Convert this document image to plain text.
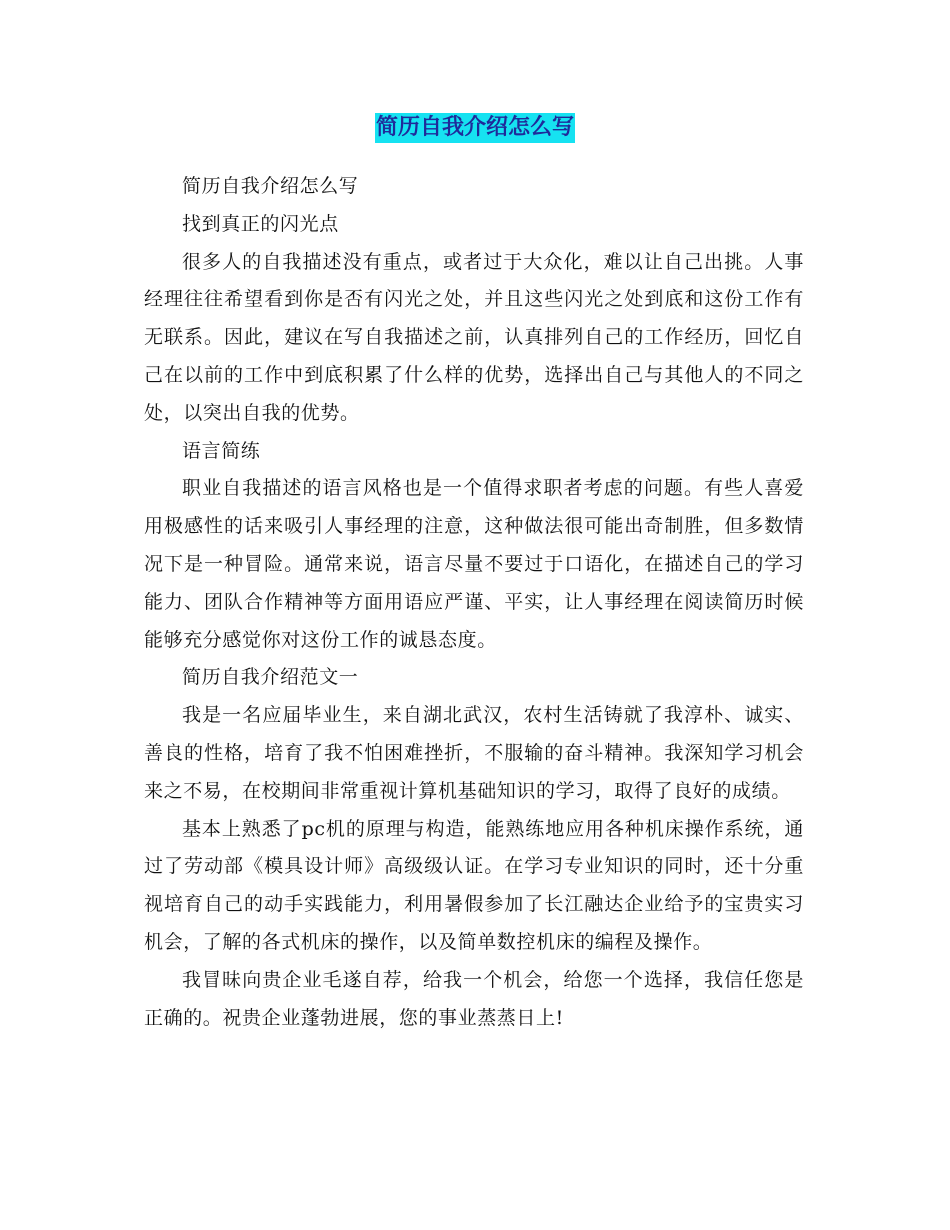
简历自我介绍怎么写

简历自我介绍怎么写

找到真正的闪光点

很多人的自我描述没有重点，或者过于大众化，难以让自己出挑。人事经理往往希望看到你是否有闪光之处，并且这些闪光之处到底和这份工作有无联系。因此，建议在写自我描述之前，认真排列自己的工作经历，回忆自己在以前的工作中到底积累了什么样的优势，选择出自己与其他人的不同之处，以突出自我的优势。

语言简练

职业自我描述的语言风格也是一个值得求职者考虑的问题。有些人喜爱用极感性的话来吸引人事经理的注意，这种做法很可能出奇制胜，但多数情况下是一种冒险。通常来说，语言尽量不要过于口语化，在描述自己的学习能力、团队合作精神等方面用语应严谨、平实，让人事经理在阅读简历时候能够充分感觉你对这份工作的诚恳态度。

简历自我介绍范文一

我是一名应届毕业生，来自湖北武汉，农村生活铸就了我淳朴、诚实、善良的性格，培育了我不怕困难挫折，不服输的奋斗精神。我深知学习机会来之不易，在校期间非常重视计算机基础知识的学习，取得了良好的成绩。

基本上熟悉了pc机的原理与构造，能熟练地应用各种机床操作系统，通过了劳动部《模具设计师》高级级认证。在学习专业知识的同时，还十分重视培育自己的动手实践能力，利用暑假参加了长江融达企业给予的宝贵实习机会，了解的各式机床的操作，以及简单数控机床的编程及操作。

我冒昧向贵企业毛遂自荐，给我一个机会，给您一个选择，我信任您是正确的。祝贵企业蓬勃进展，您的事业蒸蒸日上!
